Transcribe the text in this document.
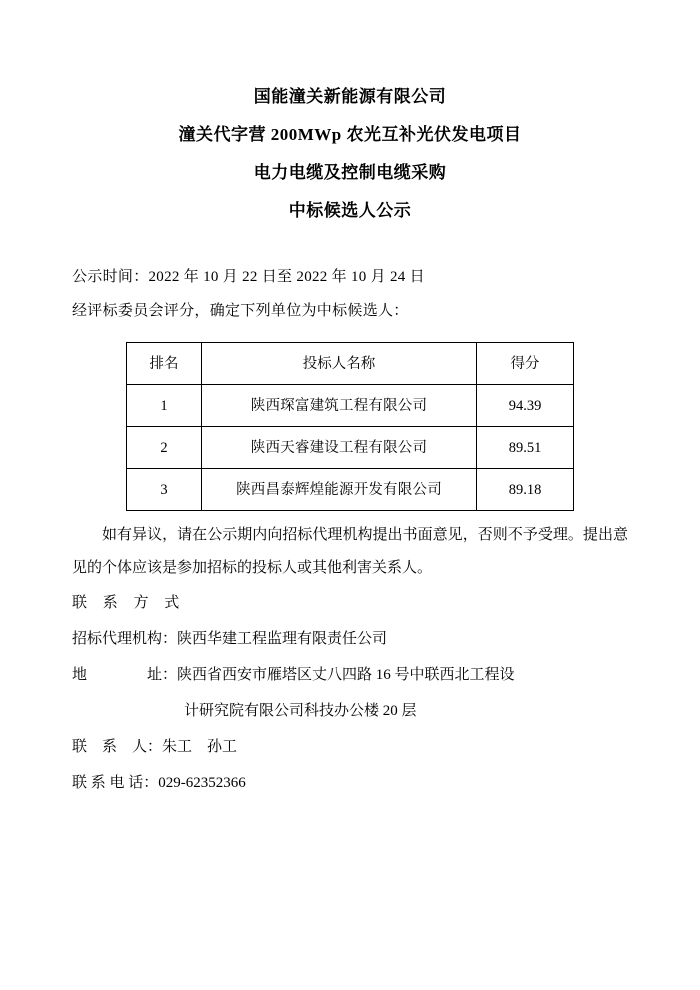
国能潼关新能源有限公司
潼关代字营 200MWp 农光互补光伏发电项目
电力电缆及控制电缆采购
中标候选人公示
公示时间：2022 年 10 月 22 日至 2022 年 10 月 24 日
经评标委员会评分，确定下列单位为中标候选人：
排名	投标人名称	得分
1	陕西琛富建筑工程有限公司	94.39
2	陕西天睿建设工程有限公司	89.51
3	陕西昌泰辉煌能源开发有限公司	89.18
如有异议，请在公示期内向招标代理机构提出书面意见，否则不予受理。提出意见的个体应该是参加招标的投标人或其他利害关系人。
联 系 方 式
招标代理机构： 陕西华建工程监理有限责任公司
地　　　　址： 陕西省西安市雁塔区丈八四路 16 号中联西北工程设
计研究院有限公司科技办公楼 20 层
联　系　人： 朱工　孙工
联 系 电 话： 029-62352366
